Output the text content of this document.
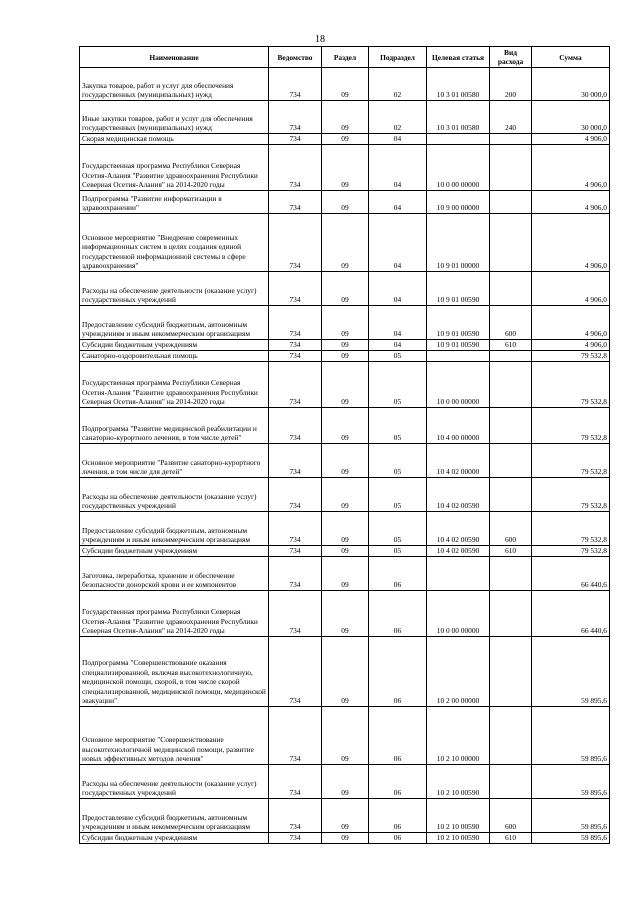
18
Наименование	Ведомство	Раздел	Подраздел	Целевая статья	Вид расхода	Сумма
Закупка товаров, работ и услуг для обеспечения государственных (муниципальных) нужд	734	09	02	10 3 01 00580	200	30 000,0
Иные закупки товаров, работ и услуг для обеспечения государственных (муниципальных) нужд	734	09	02	10 3 01 00580	240	30 000,0
Скорая медицинская помощь	734	09	04			4 906,0
Государственная программа Республики Северная Осетия-Алания "Развитие здравоохранения Республики Северная Осетия-Алания" на 2014-2020 годы	734	09	04	10 0 00 00000		4 906,0
Подпрограмма "Развитие информатизации в здравоохранении"	734	09	04	10 9 00 00000		4 906,0
Основное мероприятие "Внедрение современных информационных систем в целях создания единой государственной информационной системы в сфере здравоохранения"	734	09	04	10 9 01 00000		4 906,0
Расходы на обеспечение деятельности (оказание услуг) государственных учреждений	734	09	04	10 9 01 00590		4 906,0
Предоставление субсидий бюджетным, автономным учреждениям и иным некоммерческим организациям	734	09	04	10 9 01 00590	600	4 906,0
Субсидии бюджетным учреждениям	734	09	04	10 9 01 00590	610	4 906,0
Санаторно-оздоровительная помощь	734	09	05			79 532,8
Государственная программа Республики Северная Осетия-Алания "Развитие здравоохранения Республики Северная Осетия-Алания" на 2014-2020 годы	734	09	05	10 0 00 00000		79 532,8
Подпрограмма "Развитие медицинской реабилитации и санаторно-курортного лечения, в том числе детей"	734	09	05	10 4 00 00000		79 532,8
Основное мероприятие "Развитие санаторно-курортного лечения, в том числе для детей"	734	09	05	10 4 02 00000		79 532,8
Расходы на обеспечение деятельности (оказание услуг) государственных учреждений	734	09	05	10 4 02 00590		79 532,8
Предоставление субсидий бюджетным, автономным учреждениям и иным некоммерческим организациям	734	09	05	10 4 02 00590	600	79 532,8
Субсидии бюджетным учреждениям	734	09	05	10 4 02 00590	610	79 532,8
Заготовка, переработка, хранение и обеспечение безопасности донорской крови и ее компонентов	734	09	06			66 440,6
Государственная программа Республики Северная Осетия-Алания "Развитие здравоохранения Республики Северная Осетия-Алания" на 2014-2020 годы	734	09	06	10 0 00 00000		66 440,6
Подпрограмма "Совершенствование оказания специализированной, включая высокотехнологичную, медицинской помощи, скорой, в том числе скорой специализированной, медицинской помощи, медицинской эвакуации"	734	09	06	10 2 00 00000		59 895,6
Основное мероприятие "Совершенствование высокотехнологичной медицинской помощи, развитие новых эффективных методов лечения"	734	09	06	10 2 10 00000		59 895,6
Расходы на обеспечение деятельности (оказание услуг) государственных учреждений	734	09	06	10 2 10 00590		59 895,6
Предоставление субсидий бюджетным, автономным учреждениям и иным некоммерческим организациям	734	09	06	10 2 10 00590	600	59 895,6
Субсидии бюджетным учреждениям	734	09	06	10 2 10 00590	610	59 895,6
